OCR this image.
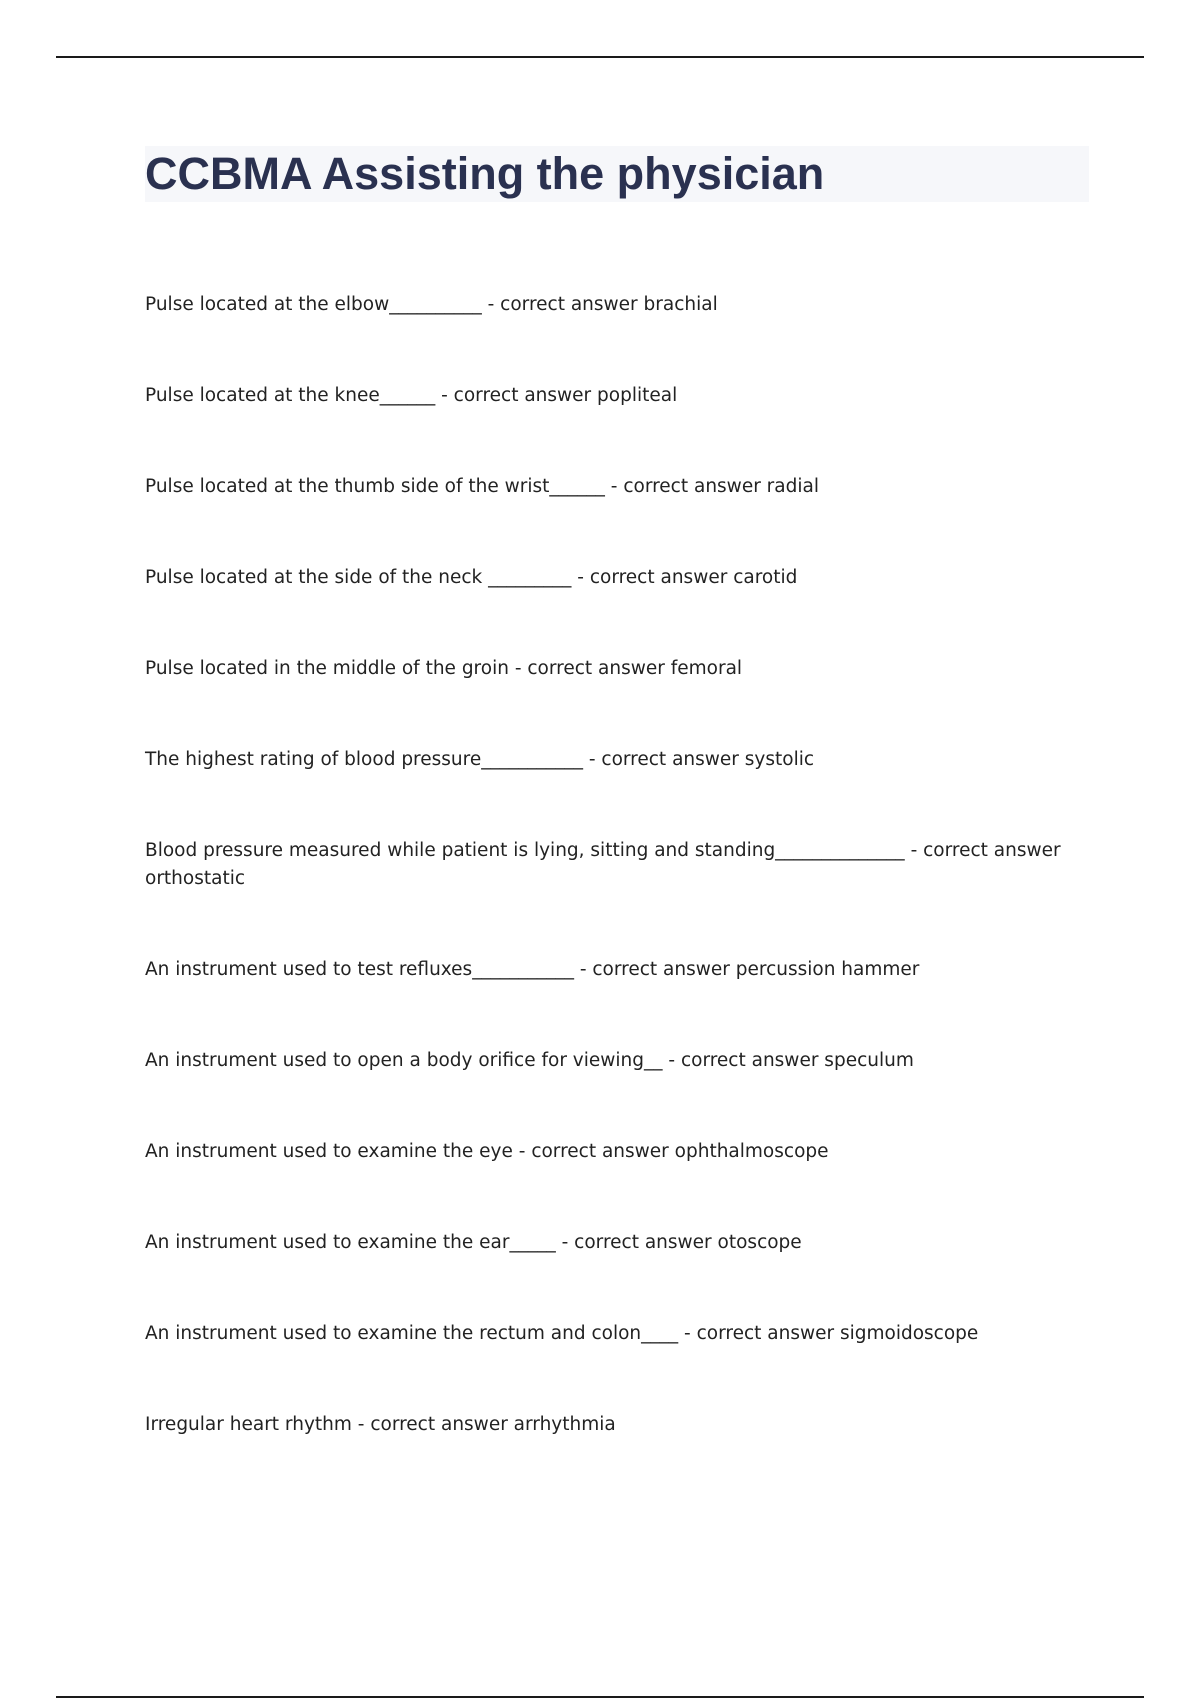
CCBMA Assisting the physician
Pulse located at the elbow__________ - correct answer brachial
Pulse located at the knee______ - correct answer popliteal
Pulse located at the thumb side of the wrist______ - correct answer radial
Pulse located at the side of the neck _________ - correct answer carotid
Pulse located in the middle of the groin - correct answer femoral
The highest rating of blood pressure___________ - correct answer systolic
Blood pressure measured while patient is lying, sitting and standing______________ - correct answer orthostatic
An instrument used to test refluxes___________ - correct answer percussion hammer
An instrument used to open a body orifice for viewing__ - correct answer speculum
An instrument used to examine the eye - correct answer ophthalmoscope
An instrument used to examine the ear_____ - correct answer otoscope
An instrument used to examine the rectum and colon____ - correct answer sigmoidoscope
Irregular heart rhythm - correct answer arrhythmia
